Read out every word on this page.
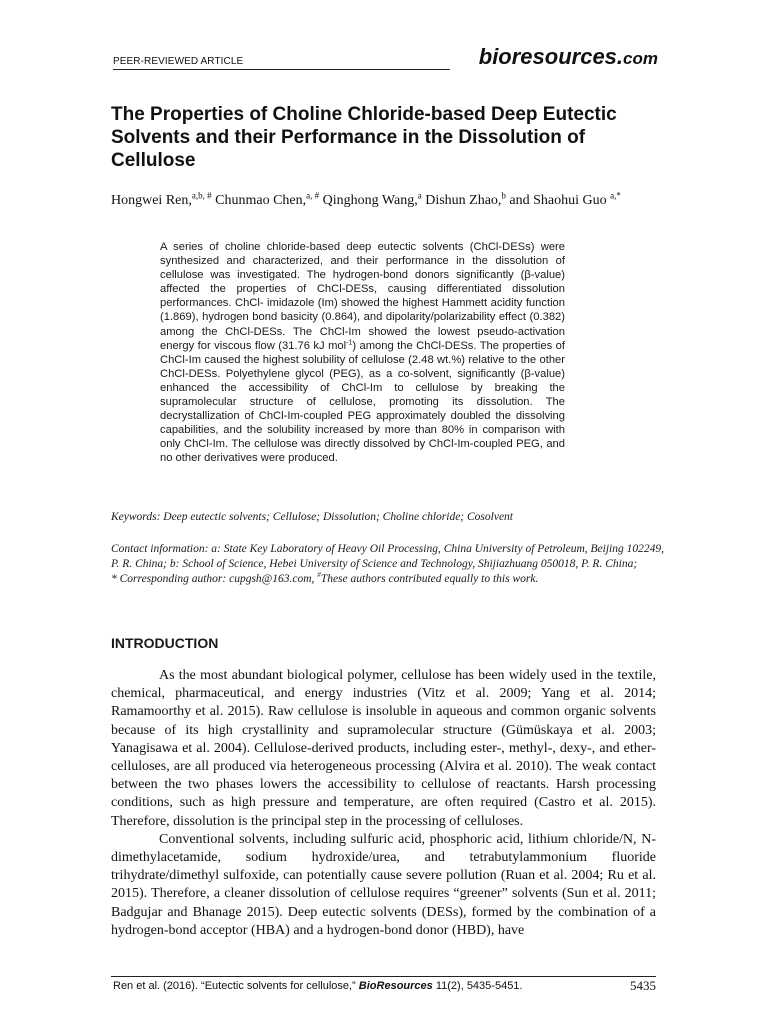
PEER-REVIEWED ARTICLE	bioresources.com
The Properties of Choline Chloride-based Deep Eutectic Solvents and their Performance in the Dissolution of Cellulose
Hongwei Ren,$^{a,b, \#}$ Chunmao Chen,$^{a, \#}$ Qinghong Wang,$^a$ Dishun Zhao,$^b$ and Shaohui Guo $^{a,*}$

A series of choline chloride-based deep eutectic solvents (ChCl-DESs) were synthesized and characterized, and their performance in the dissolution of cellulose was investigated. The hydrogen-bond donors significantly (β-value) affected the properties of ChCl-DESs, causing differentiated dissolution performances. ChCl- imidazole (Im) showed the highest Hammett acidity function (1.869), hydrogen bond basicity (0.864), and dipolarity/polarizability effect (0.382) among the ChCl-DESs. The ChCl-Im showed the lowest pseudo-activation energy for viscous flow (31.76 kJ mol$^{-1}$) among the ChCl-DESs. The properties of ChCl-Im caused the highest solubility of cellulose (2.48 wt.%) relative to the other ChCl-DESs. Polyethylene glycol (PEG), as a co-solvent, significantly (β-value) enhanced the accessibility of ChCl-Im to cellulose by breaking the supramolecular structure of cellulose, promoting its dissolution. The decrystallization of ChCl-Im-coupled PEG approximately doubled the dissolving capabilities, and the solubility increased by more than 80% in comparison with only ChCl-Im. The cellulose was directly dissolved by ChCl-Im-coupled PEG, and no other derivatives were produced.

Keywords: Deep eutectic solvents; Cellulose; Dissolution; Choline chloride; Cosolvent

Contact information: a: State Key Laboratory of Heavy Oil Processing, China University of Petroleum, Beijing 102249, P. R. China; b: School of Science, Hebei University of Science and Technology, Shijiazhuang 050018, P. R. China;

* Corresponding author: cupgsh@163.com, #These authors contributed equally to this work.

INTRODUCTION

As the most abundant biological polymer, cellulose has been widely used in the textile, chemical, pharmaceutical, and energy industries (Vitz et al. 2009; Yang et al. 2014; Ramamoorthy et al. 2015). Raw cellulose is insoluble in aqueous and common organic solvents because of its high crystallinity and supramolecular structure (Gümüskaya et al. 2003; Yanagisawa et al. 2004). Cellulose-derived products, including ester-, methyl-, dexy-, and ether-celluloses, are all produced via heterogeneous processing (Alvira et al. 2010). The weak contact between the two phases lowers the accessibility to cellulose of reactants. Harsh processing conditions, such as high pressure and temperature, are often required (Castro et al. 2015). Therefore, dissolution is the principal step in the processing of celluloses.

Conventional solvents, including sulfuric acid, phosphoric acid, lithium chloride/N, N-dimethylacetamide, sodium hydroxide/urea, and tetrabutylammonium fluoride trihydrate/dimethyl sulfoxide, can potentially cause severe pollution (Ruan et al. 2004; Ru et al. 2015). Therefore, a cleaner dissolution of cellulose requires “greener” solvents (Sun et al. 2011; Badgujar and Bhanage 2015). Deep eutectic solvents (DESs), formed by the combination of a hydrogen-bond acceptor (HBA) and a hydrogen-bond donor (HBD), have

Ren et al. (2016). “Eutectic solvents for cellulose,” BioResources 11(2), 5435-5451.	5435
